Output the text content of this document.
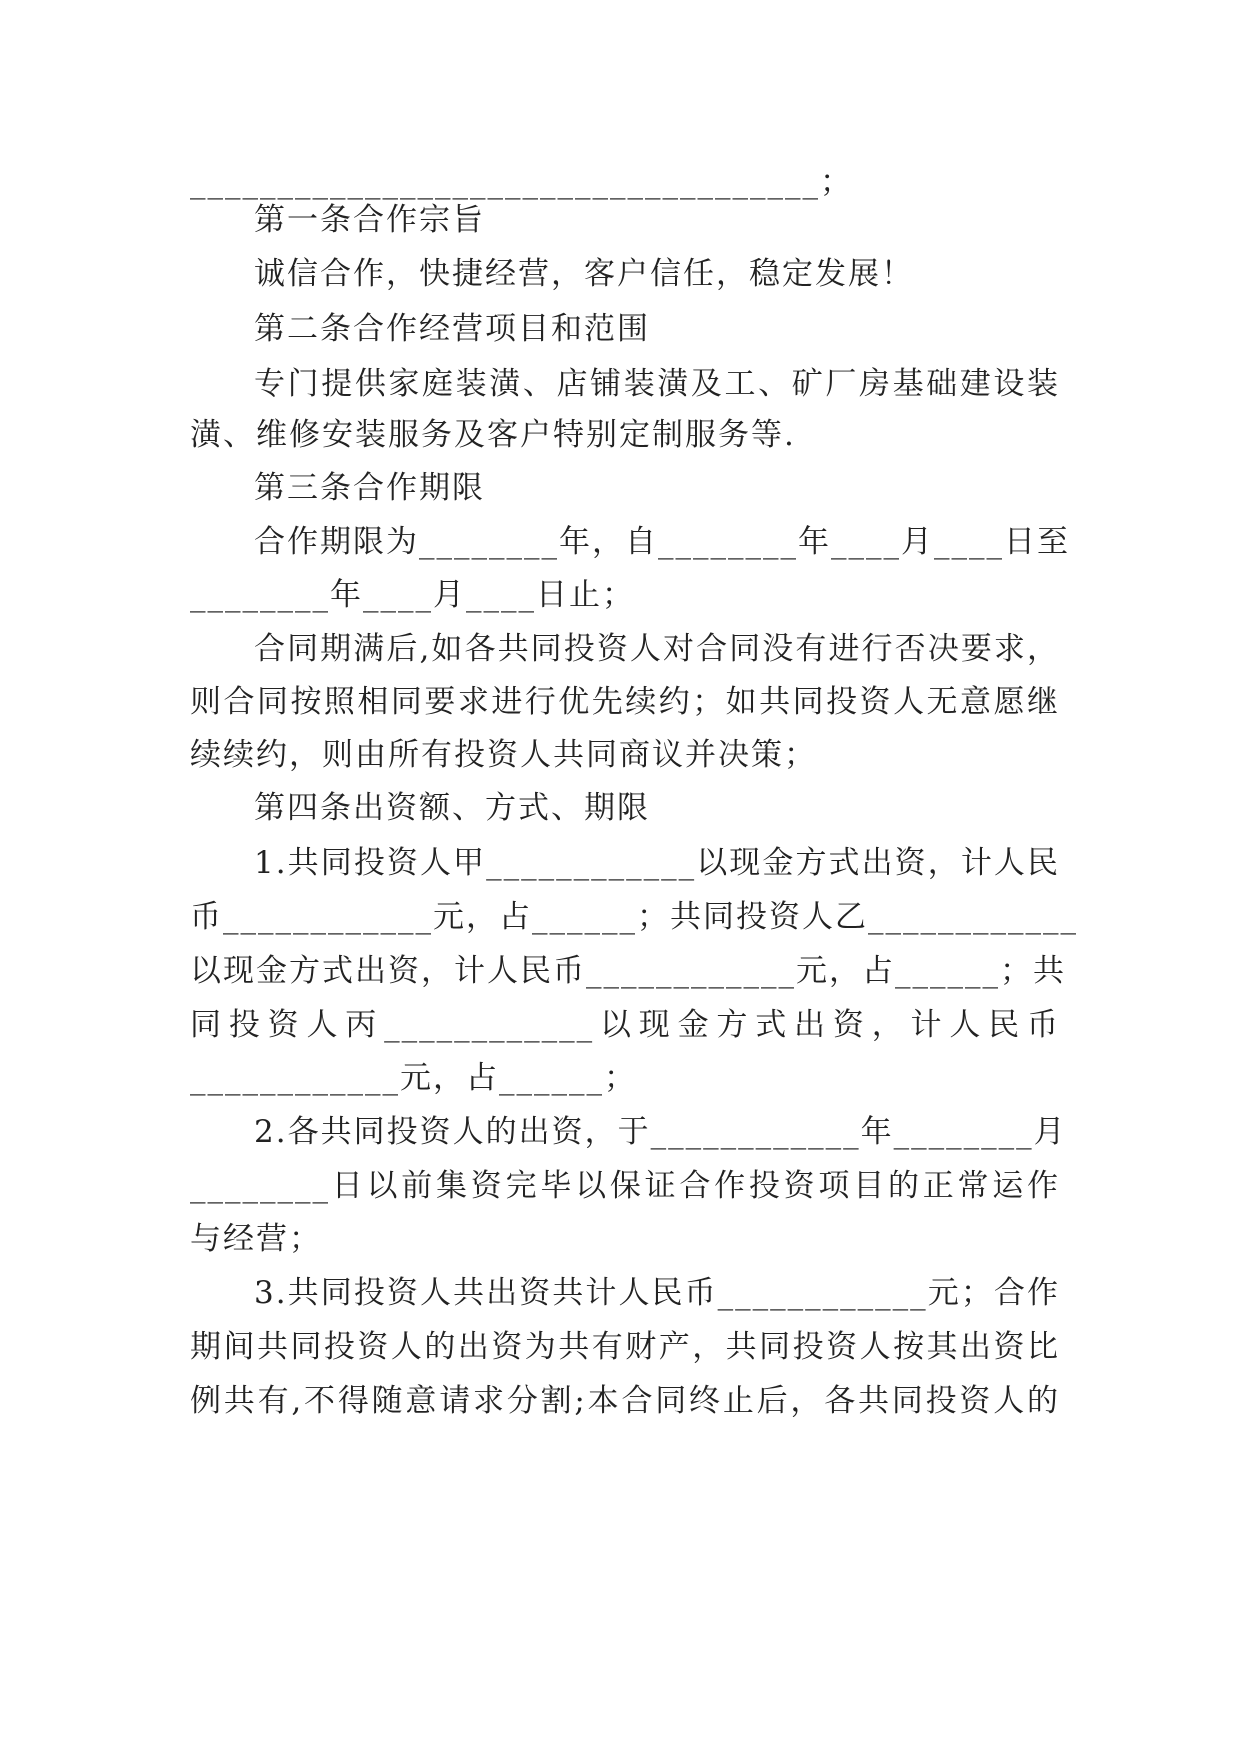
____________________________________；
第一条合作宗旨
诚信合作，快捷经营，客户信任，稳定发展！
第二条合作经营项目和范围
专门提供家庭装潢、店铺装潢及工、矿厂房基础建设装
潢、维修安装服务及客户特别定制服务等.
第三条合作期限
合作期限为________年，自________年____月____日至
________年____月____日止；
合同期满后,如各共同投资人对合同没有进行否决要求，
则合同按照相同要求进行优先续约；如共同投资人无意愿继
续续约，则由所有投资人共同商议并决策；
第四条出资额、方式、期限
1.共同投资人甲____________以现金方式出资，计人民
币____________元，占______；共同投资人乙____________
以现金方式出资，计人民币____________元，占______；共
同投资人丙____________以现金方式出资，计人民币
____________元，占______；
2.各共同投资人的出资，于____________年________月
________日以前集资完毕以保证合作投资项目的正常运作
与经营；
3.共同投资人共出资共计人民币____________元；合作
期间共同投资人的出资为共有财产，共同投资人按其出资比
例共有,不得随意请求分割;本合同终止后，各共同投资人的
